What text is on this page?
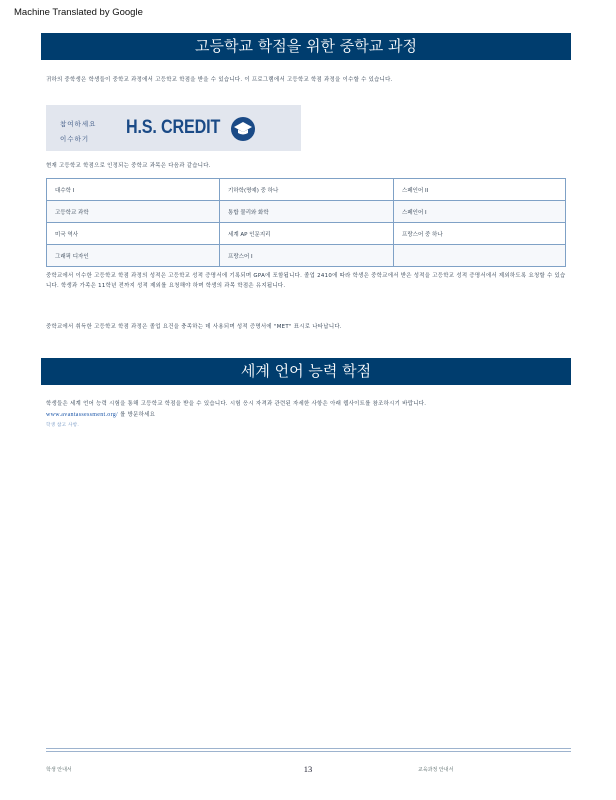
Machine Translated by Google
고등학교 학점을 위한 중학교 과정
귀하의 중학생은 학생들이 중학교 과정에서 고등학교 학점을 받을 수 있습니다. 이 프로그램에서 고등학교 학점 과정을 이수할 수 있습니다.
참여하세요
이수하기
H.S. CREDIT
현재 고등학교 학점으로 인정되는 중학교 과목은 다음과 같습니다.
대수학 I	기하학(명예) 중 하나	스페인어 II
고등학교 과학	통합 물리와 화학	스페인어 I
미국 역사	세계 AP 인문지리	프랑스어 중 하나
그래픽 디자인	프랑스어 I	
중학교에서 이수한 고등학교 학점 과정의 성적은 고등학교 성적 증명서에 기록되며 GPA에 포함됩니다. 졸업 2410에 따라 학생은 중학교에서 받은 성적을 고등학교 성적 증명서에서 제외하도록 요청할 수 있습니다. 학생과 가족은 11학년 전까지 성적 제외를 요청해야 하며 학생의 과목 학점은 유지됩니다.
중학교에서 취득한 고등학교 학점 과정은 졸업 요건을 충족하는 데 사용되며 성적 증명서에 "MET" 표시로 나타납니다.
세계 언어 능력 학점
학생들은 세계 언어 능력 시험을 통해 고등학교 학점을 받을 수 있습니다. 시험 응시 자격과 관련된 자세한 사항은 아래 웹사이트를 참조하시기 바랍니다.
www.avantassessment.org/ 를 방문하세요
학생 참고 사항.
학생 안내서	13	교육과정 안내서
